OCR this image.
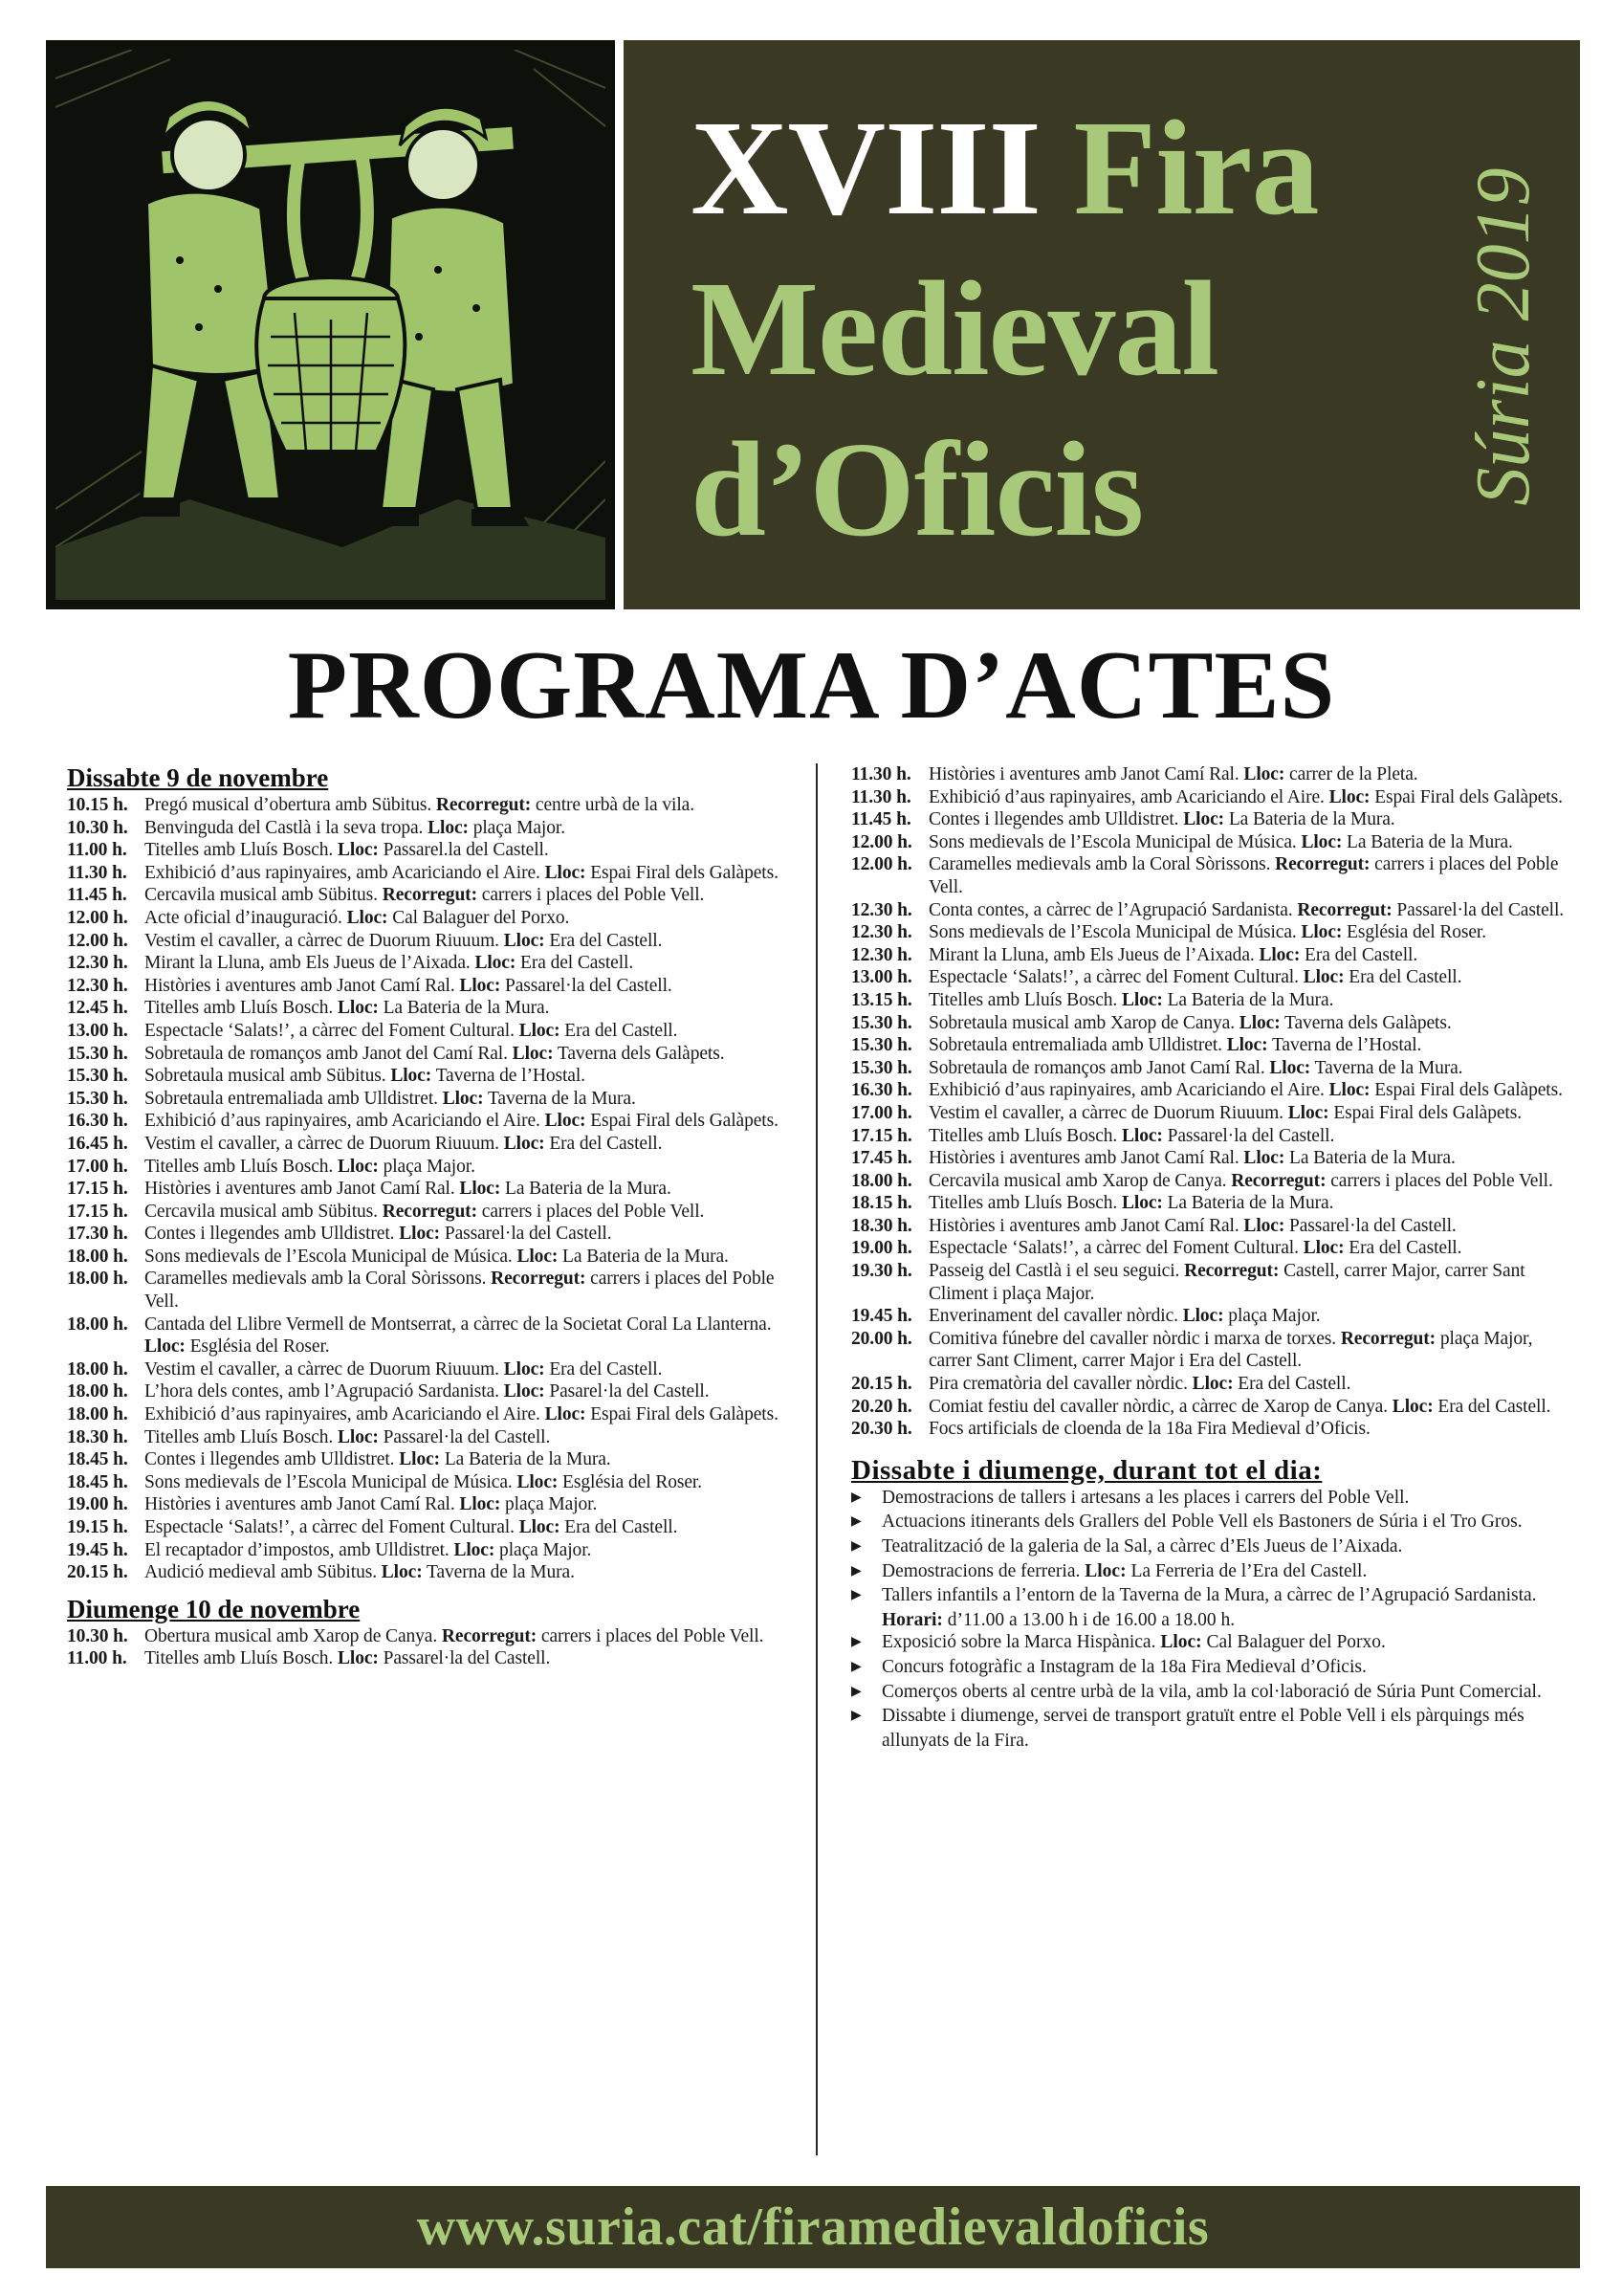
XVIII Fira
Medieval
d’Oficis	Súria 2019
PROGRAMA D’ACTES
Dissabte 9 de novembre
10.15 h. Pregó musical d’obertura amb Sübitus. Recorregut: centre urbà de la vila.
10.30 h. Benvinguda del Castlà i la seva tropa. Lloc: plaça Major.
11.00 h. Titelles amb Lluís Bosch. Lloc: Passarel.la del Castell.
11.30 h. Exhibició d’aus rapinyaires, amb Acariciando el Aire. Lloc: Espai Firal dels Galàpets.
11.45 h. Cercavila musical amb Sübitus. Recorregut: carrers i places del Poble Vell.
12.00 h. Acte oficial d’inauguració. Lloc: Cal Balaguer del Porxo.
12.00 h. Vestim el cavaller, a càrrec de Duorum Riuuum. Lloc: Era del Castell.
12.30 h. Mirant la Lluna, amb Els Jueus de l’Aixada. Lloc: Era del Castell.
12.30 h. Històries i aventures amb Janot Camí Ral. Lloc: Passarel·la del Castell.
12.45 h. Titelles amb Lluís Bosch. Lloc: La Bateria de la Mura.
13.00 h. Espectacle ‘Salats!’, a càrrec del Foment Cultural. Lloc: Era del Castell.
15.30 h. Sobretaula de romanços amb Janot del Camí Ral. Lloc: Taverna dels Galàpets.
15.30 h. Sobretaula musical amb Sübitus. Lloc: Taverna de l’Hostal.
15.30 h. Sobretaula entremaliada amb Ulldistret. Lloc: Taverna de la Mura.
16.30 h. Exhibició d’aus rapinyaires, amb Acariciando el Aire. Lloc: Espai Firal dels Galàpets.
16.45 h. Vestim el cavaller, a càrrec de Duorum Riuuum. Lloc: Era del Castell.
17.00 h. Titelles amb Lluís Bosch. Lloc: plaça Major.
17.15 h. Històries i aventures amb Janot Camí Ral. Lloc: La Bateria de la Mura.
17.15 h. Cercavila musical amb Sübitus. Recorregut: carrers i places del Poble Vell.
17.30 h. Contes i llegendes amb Ulldistret. Lloc: Passarel·la del Castell.
18.00 h. Sons medievals de l’Escola Municipal de Música. Lloc: La Bateria de la Mura.
18.00 h. Caramelles medievals amb la Coral Sòrissons. Recorregut: carrers i places del Poble Vell.
18.00 h. Cantada del Llibre Vermell de Montserrat, a càrrec de la Societat Coral La Llanterna. Lloc: Església del Roser.
18.00 h. Vestim el cavaller, a càrrec de Duorum Riuuum. Lloc: Era del Castell.
18.00 h. L’hora dels contes, amb l’Agrupació Sardanista. Lloc: Pasarel·la del Castell.
18.00 h. Exhibició d’aus rapinyaires, amb Acariciando el Aire. Lloc: Espai Firal dels Galàpets.
18.30 h. Titelles amb Lluís Bosch. Lloc: Passarel·la del Castell.
18.45 h. Contes i llegendes amb Ulldistret. Lloc: La Bateria de la Mura.
18.45 h. Sons medievals de l’Escola Municipal de Música. Lloc: Església del Roser.
19.00 h. Històries i aventures amb Janot Camí Ral. Lloc: plaça Major.
19.15 h. Espectacle ‘Salats!’, a càrrec del Foment Cultural. Lloc: Era del Castell.
19.45 h. El recaptador d’impostos, amb Ulldistret. Lloc: plaça Major.
20.15 h. Audició medieval amb Sübitus. Lloc: Taverna de la Mura.
Diumenge 10 de novembre
10.30 h. Obertura musical amb Xarop de Canya. Recorregut: carrers i places del Poble Vell.
11.00 h. Titelles amb Lluís Bosch. Lloc: Passarel·la del Castell.
11.30 h. Històries i aventures amb Janot Camí Ral. Lloc: carrer de la Pleta.
11.30 h. Exhibició d’aus rapinyaires, amb Acariciando el Aire. Lloc: Espai Firal dels Galàpets.
11.45 h. Contes i llegendes amb Ulldistret. Lloc: La Bateria de la Mura.
12.00 h. Sons medievals de l’Escola Municipal de Música. Lloc: La Bateria de la Mura.
12.00 h. Caramelles medievals amb la Coral Sòrissons. Recorregut: carrers i places del Poble Vell.
12.30 h. Conta contes, a càrrec de l’Agrupació Sardanista. Recorregut: Passarel·la del Castell.
12.30 h. Sons medievals de l’Escola Municipal de Música. Lloc: Església del Roser.
12.30 h. Mirant la Lluna, amb Els Jueus de l’Aixada. Lloc: Era del Castell.
13.00 h. Espectacle ‘Salats!’, a càrrec del Foment Cultural. Lloc: Era del Castell.
13.15 h. Titelles amb Lluís Bosch. Lloc: La Bateria de la Mura.
15.30 h. Sobretaula musical amb Xarop de Canya. Lloc: Taverna dels Galàpets.
15.30 h. Sobretaula entremaliada amb Ulldistret. Lloc: Taverna de l’Hostal.
15.30 h. Sobretaula de romanços amb Janot Camí Ral. Lloc: Taverna de la Mura.
16.30 h. Exhibició d’aus rapinyaires, amb Acariciando el Aire. Lloc: Espai Firal dels Galàpets.
17.00 h. Vestim el cavaller, a càrrec de Duorum Riuuum. Lloc: Espai Firal dels Galàpets.
17.15 h. Titelles amb Lluís Bosch. Lloc: Passarel·la del Castell.
17.45 h. Històries i aventures amb Janot Camí Ral. Lloc: La Bateria de la Mura.
18.00 h. Cercavila musical amb Xarop de Canya. Recorregut: carrers i places del Poble Vell.
18.15 h. Titelles amb Lluís Bosch. Lloc: La Bateria de la Mura.
18.30 h. Històries i aventures amb Janot Camí Ral. Lloc: Passarel·la del Castell.
19.00 h. Espectacle ‘Salats!’, a càrrec del Foment Cultural. Lloc: Era del Castell.
19.30 h. Passeig del Castlà i el seu seguici. Recorregut: Castell, carrer Major, carrer Sant Climent i plaça Major.
19.45 h. Enverinament del cavaller nòrdic. Lloc: plaça Major.
20.00 h. Comitiva fúnebre del cavaller nòrdic i marxa de torxes. Recorregut: plaça Major, carrer Sant Climent, carrer Major i Era del Castell.
20.15 h. Pira crematòria del cavaller nòrdic. Lloc: Era del Castell.
20.20 h. Comiat festiu del cavaller nòrdic, a càrrec de Xarop de Canya. Lloc: Era del Castell.
20.30 h. Focs artificials de cloenda de la 18a Fira Medieval d’Oficis.
Dissabte i diumenge, durant tot el dia:
▶ Demostracions de tallers i artesans a les places i carrers del Poble Vell.
▶ Actuacions itinerants dels Grallers del Poble Vell els Bastoners de Súria i el Tro Gros.
▶ Teatralització de la galeria de la Sal, a càrrec d’Els Jueus de l’Aixada.
▶ Demostracions de ferreria. Lloc: La Ferreria de l’Era del Castell.
▶ Tallers infantils a l’entorn de la Taverna de la Mura, a càrrec de l’Agrupació Sardanista. Horari: d’11.00 a 13.00 h i de 16.00 a 18.00 h.
▶ Exposició sobre la Marca Hispànica. Lloc: Cal Balaguer del Porxo.
▶ Concurs fotogràfic a Instagram de la 18a Fira Medieval d’Oficis.
▶ Comerços oberts al centre urbà de la vila, amb la col·laboració de Súria Punt Comercial.
▶ Dissabte i diumenge, servei de transport gratuït entre el Poble Vell i els pàrquings més allunyats de la Fira.
www.suria.cat/firamedievaldoficis
